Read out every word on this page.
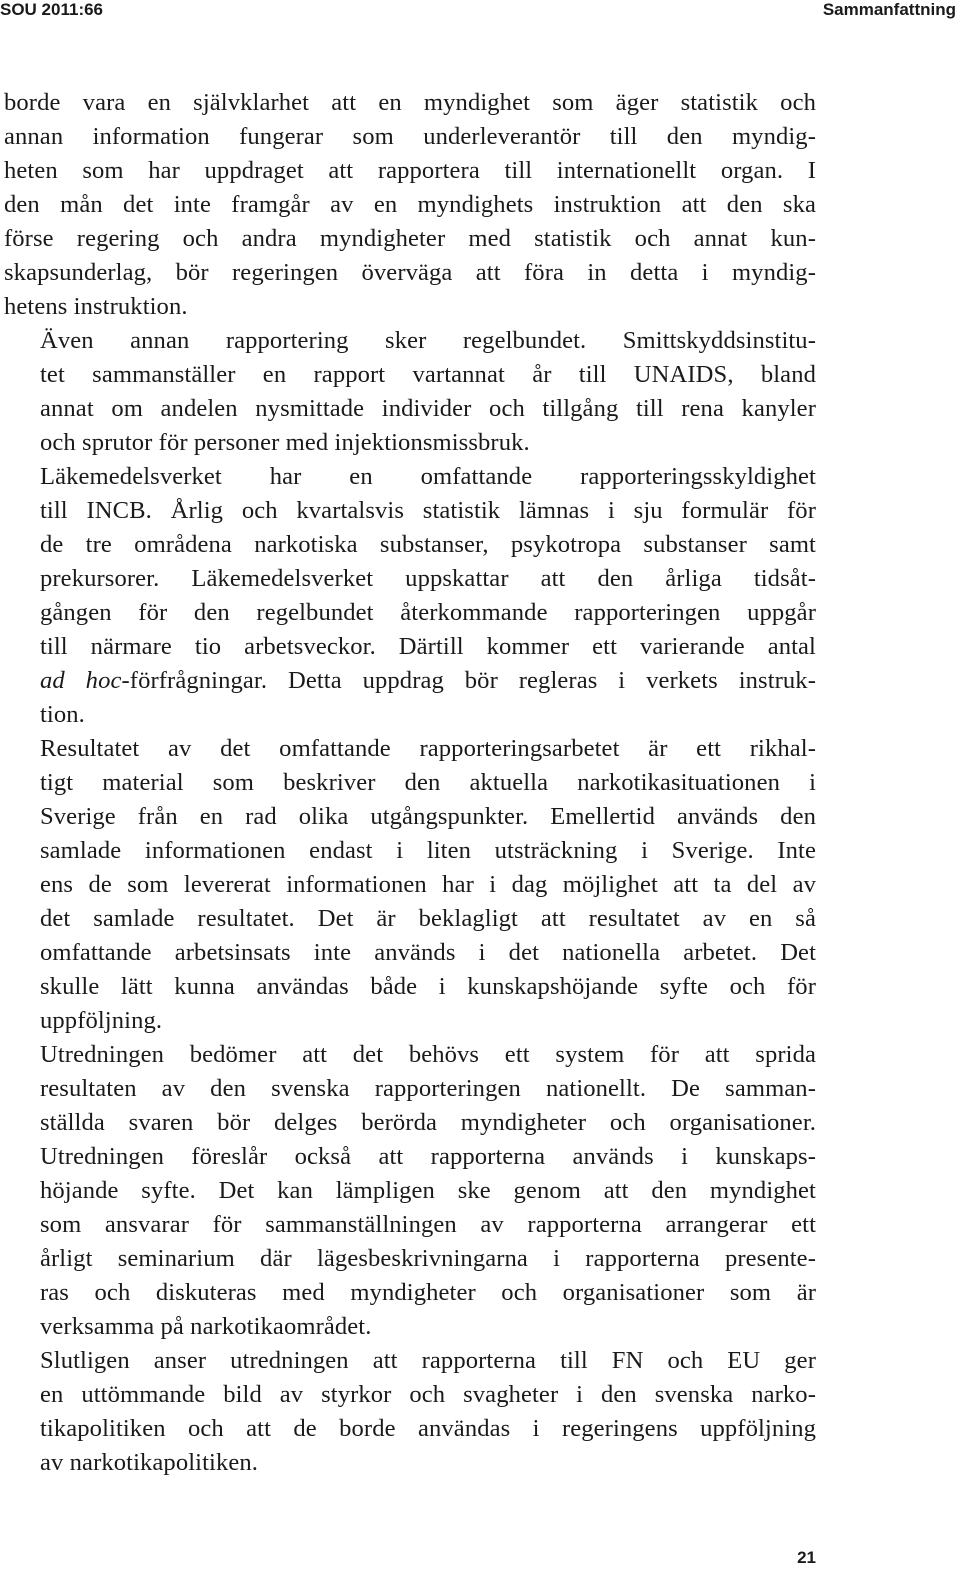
SOU 2011:66	Sammanfattning

borde vara en självklarhet att en myndighet som äger statistik och
annan information fungerar som underleverantör till den myndig-
heten som har uppdraget att rapportera till internationellt organ. I
den mån det inte framgår av en myndighets instruktion att den ska
förse regering och andra myndigheter med statistik och annat kun-
skapsunderlag, bör regeringen överväga att föra in detta i myndig-
hetens instruktion.

Även annan rapportering sker regelbundet. Smittskyddsinstitu-
tet sammanställer en rapport vartannat år till UNAIDS, bland
annat om andelen nysmittade individer och tillgång till rena kanyler
och sprutor för personer med injektionsmissbruk.

Läkemedelsverket har en omfattande rapporteringsskyldighet
till INCB. Årlig och kvartalsvis statistik lämnas i sju formulär för
de tre områdena narkotiska substanser, psykotropa substanser samt
prekursorer. Läkemedelsverket uppskattar att den årliga tidsåt-
gången för den regelbundet återkommande rapporteringen uppgår
till närmare tio arbetsveckor. Därtill kommer ett varierande antal
ad hoc-förfrågningar. Detta uppdrag bör regleras i verkets instruk-
tion.

Resultatet av det omfattande rapporteringsarbetet är ett rikhal-
tigt material som beskriver den aktuella narkotikasituationen i
Sverige från en rad olika utgångspunkter. Emellertid används den
samlade informationen endast i liten utsträckning i Sverige. Inte
ens de som levererat informationen har i dag möjlighet att ta del av
det samlade resultatet. Det är beklagligt att resultatet av en så
omfattande arbetsinsats inte används i det nationella arbetet. Det
skulle lätt kunna användas både i kunskapshöjande syfte och för
uppföljning.

Utredningen bedömer att det behövs ett system för att sprida
resultaten av den svenska rapporteringen nationellt. De samman-
ställda svaren bör delges berörda myndigheter och organisationer.
Utredningen föreslår också att rapporterna används i kunskaps-
höjande syfte. Det kan lämpligen ske genom att den myndighet
som ansvarar för sammanställningen av rapporterna arrangerar ett
årligt seminarium där lägesbeskrivningarna i rapporterna presente-
ras och diskuteras med myndigheter och organisationer som är
verksamma på narkotikaområdet.

Slutligen anser utredningen att rapporterna till FN och EU ger
en uttömmande bild av styrkor och svagheter i den svenska narko-
tikapolitiken och att de borde användas i regeringens uppföljning
av narkotikapolitiken.

21
